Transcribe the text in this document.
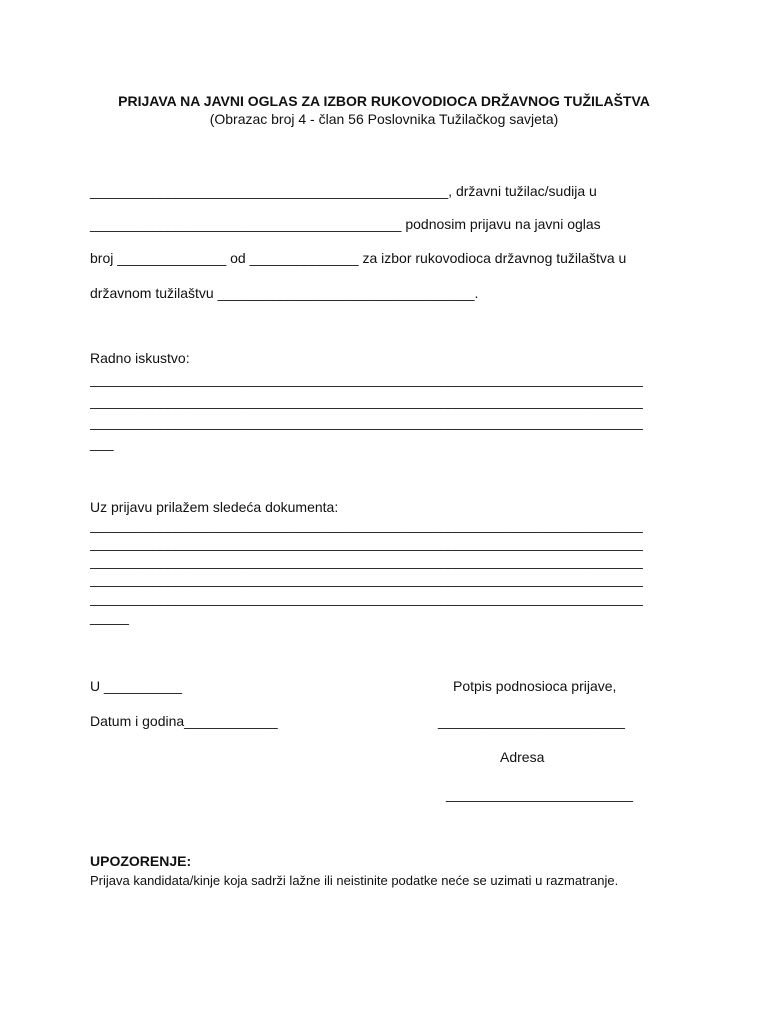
PRIJAVA NA JAVNI OGLAS ZA IZBOR RUKOVODIOCA DRŽAVNOG TUŽILAŠTVA
(Obrazac broj 4 - član 56 Poslovnika Tužilačkog savjeta)
______________________________________________, državni tužilac/sudija u
________________________________________ podnosim prijavu na javni oglas
broj ______________ od ______________ za izbor rukovodioca državnog tužilaštva u
državnom tužilaštvu _________________________________.
Radno iskustvo:
_______________________________________________________________________
_______________________________________________________________________
_______________________________________________________________________
___
Uz prijavu prilažem sledeća dokumenta:
_______________________________________________________________________
_______________________________________________________________________
_______________________________________________________________________
_______________________________________________________________________
_______________________________________________________________________
_____
U __________
Datum i godina____________
Potpis podnosioca prijave,
________________________
Adresa
________________________
UPOZORENJE:
Prijava kandidata/kinje koja sadrži lažne ili neistinite podatke neće se uzimati u razmatranje.
